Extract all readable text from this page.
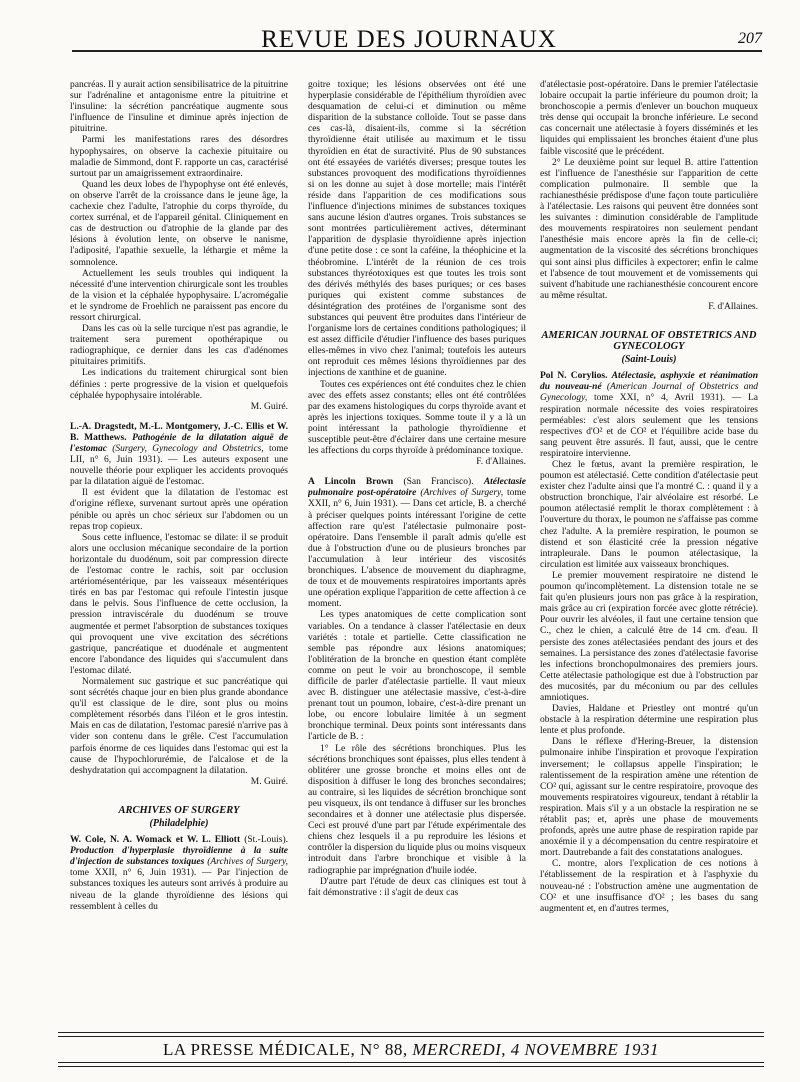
REVUE DES JOURNAUX	207

pancréas. Il y aurait action sensibilisatrice de la pituitrine sur l'adrénaline et antagonisme entre la pituitrine et l'insuline: la sécrétion pancréatique augmente sous l'influence de l'insuline et diminue après injection de pituitrine.

Parmi les manifestations rares des désordres hypophysaires, on observe la cachexie pituitaire ou maladie de Simmond, dont F. rapporte un cas, caractérisé surtout par un amaigrissement extraordinaire.

Quand les deux lobes de l'hypophyse ont été enlevés, on observe l'arrêt de la croissance dans le jeune âge, la cachexie chez l'adulte, l'atrophie du corps thyroïde, du cortex surrénal, et de l'appareil génital. Cliniquement en cas de destruction ou d'atrophie de la glande par des lésions à évolution lente, on observe le nanisme, l'adiposité, l'apathie sexuelle, la léthargie et même la somnolence.

Actuellement les seuls troubles qui indiquent la nécessité d'une intervention chirurgicale sont les troubles de la vision et la céphalée hypophysaire. L'acromégalie et le syndrome de Froehlich ne paraissent pas encore du ressort chirurgical.

Dans les cas où la selle turcique n'est pas agrandie, le traitement sera purement opothérapique ou radiographique, ce dernier dans les cas d'adénomes pituitaires primitifs.

Les indications du traitement chirurgical sont bien définies : perte progressive de la vision et quelquefois céphalée hypophysaire intolérable.

M. Guiré.

L.-A. Dragstedt, M.-L. Montgomery, J.-C. Ellis et W. B. Matthews. Pathogénie de la dilatation aiguë de l'estomac (Surgery, Gynecology and Obstetrics, tome LII, n° 6, Juin 1931). — Les auteurs exposent une nouvelle théorie pour expliquer les accidents provoqués par la dilatation aiguë de l'estomac.

Il est évident que la dilatation de l'estomac est d'origine réflexe, survenant surtout après une opération pénible ou après un choc sérieux sur l'abdomen ou un repas trop copieux.

Sous cette influence, l'estomac se dilate: il se produit alors une occlusion mécanique secondaire de la portion horizontale du duodénum, soit par compression directe de l'estomac contre le rachis, soit par occlusion artériomésentérique, par les vaisseaux mésentériques tirés en bas par l'estomac qui refoule l'intestin jusque dans le pelvis. Sous l'influence de cette occlusion, la pression intraviscérale du duodénum se trouve augmentée et permet l'absorption de substances toxiques qui provoquent une vive excitation des sécrétions gastrique, pancréatique et duodénale et augmentent encore l'abondance des liquides qui s'accumulent dans l'estomac dilaté.

Normalement suc gastrique et suc pancréatique qui sont sécrétés chaque jour en bien plus grande abondance qu'il est classique de le dire, sont plus ou moins complètement résorbés dans l'iléon et le gros intestin. Mais en cas de dilatation, l'estomac paresié n'arrive pas à vider son contenu dans le grêle. C'est l'accumulation parfois énorme de ces liquides dans l'estomac qui est la cause de l'hypochlorurémie, de l'alcalose et de la deshydratation qui accompagnent la dilatation.

M. Guiré.
ARCHIVES OF SURGERY
(Philadelphie)

W. Cole, N. A. Womack et W. L. Elliott (St.-Louis). Production d'hyperplasie thyroïdienne à la suite d'injection de substances toxiques (Archives of Surgery, tome XXII, n° 6, Juin 1931). — Par l'injection de substances toxiques les auteurs sont arrivés à produire au niveau de la glande thyroïdienne des lésions qui ressemblent à celles du

goitre toxique; les lésions observées ont été une hyperplasie considérable de l'épithélium thyroïdien avec desquamation de celui-ci et diminution ou même disparition de la substance colloïde. Tout se passe dans ces cas-là, disaient-ils, comme si la sécrétion thyroïdienne était utilisée au maximum et le tissu thyroïdien en état de suractivité. Plus de 90 substances ont été essayées de variétés diverses; presque toutes les substances provoquent des modifications thyroïdiennes si on les donne au sujet à dose mortelle; mais l'intérêt réside dans l'apparition de ces modifications sous l'influence d'injections minimes de substances toxiques sans aucune lésion d'autres organes. Trois substances se sont montrées particulièrement actives, déterminant l'apparition de dysplasie thyroïdienne après injection d'une petite dose : ce sont la caféine, la théophicine et la théobromine. L'intérêt de la réunion de ces trois substances thyréotoxiques est que toutes les trois sont des dérivés méthylés des bases puriques; or ces bases puriques qui existent comme substances de désintégration des protéines de l'organisme sont des substances qui peuvent être produites dans l'intérieur de l'organisme lors de certaines conditions pathologiques; il est assez difficile d'étudier l'influence des bases puriques elles-mêmes in vivo chez l'animal; toutefois les auteurs ont reproduit ces mêmes lésions thyroïdiennes par des injections de xanthine et de guanine.

Toutes ces expériences ont été conduites chez le chien avec des effets assez constants; elles ont été contrôlées par des examens histologiques du corps thyroïde avant et après les injections toxiques. Somme toute il y a là un point intéressant la pathologie thyroïdienne et susceptible peut-être d'éclairer dans une certaine mesure les affections du corps thyroïde à prédominance toxique.

F. d'Allaines.

A Lincoln Brown (San Francisco). Atélectasie pulmonaire post-opératoire (Archives of Surgery, tome XXII, n° 6, Juin 1931). — Dans cet article, B. a cherché à préciser quelques points intéressant l'origine de cette affection rare qu'est l'atélectasie pulmonaire post-opératoire. Dans l'ensemble il paraît admis qu'elle est due à l'obstruction d'une ou de plusieurs bronches par l'accumulation à leur intérieur des viscosités bronchiques. L'absence de mouvement du diaphragme, de toux et de mouvements respiratoires importants après une opération explique l'apparition de cette affection à ce moment.

Les types anatomiques de cette complication sont variables. On a tendance à classer l'atélectasie en deux variétés : totale et partielle. Cette classification ne semble pas répondre aux lésions anatomiques; l'oblitération de la bronche en question étant complète comme on peut le voir au bronchoscope, il semble difficile de parler d'atélectasie partielle. Il vaut mieux avec B. distinguer une atélectasie massive, c'est-à-dire prenant tout un poumon, lobaire, c'est-à-dire prenant un lobe, ou encore lobulaire limitée à un segment bronchique terminal. Deux points sont intéressants dans l'article de B. :

1° Le rôle des sécrétions bronchiques. Plus les sécrétions bronchiques sont épaisses, plus elles tendent à oblitérer une grosse bronche et moins elles ont de disposition à diffuser le long des bronches secondaires; au contraire, si les liquides de sécrétion bronchique sont peu visqueux, ils ont tendance à diffuser sur les bronches secondaires et à donner une atélectasie plus dispersée. Ceci est prouvé d'une part par l'étude expérimentale des chiens chez lesquels il a pu reproduire les lésions et contrôler la dispersion du liquide plus ou moins visqueux introduit dans l'arbre bronchique et visible à la radiographie par imprégnation d'huile iodée.

D'autre part l'étude de deux cas cliniques est tout à fait démonstrative : il s'agit de deux cas

d'atélectasie post-opératoire. Dans le premier l'atélectasie lobaire occupait la partie inférieure du poumon droit; la bronchoscopie a permis d'enlever un bouchon muqueux très dense qui occupait la bronche inférieure. Le second cas concernait une atélectasie à foyers disséminés et les liquides qui emplissaient les bronches étaient d'une plus faible viscosité que le précédent.

2° Le deuxième point sur lequel B. attire l'attention est l'influence de l'anesthésie sur l'apparition de cette complication pulmonaire. Il semble que la rachianesthésie prédispose d'une façon toute particulière à l'atélectasie. Les raisons qui peuvent être données sont les suivantes : diminution considérable de l'amplitude des mouvements respiratoires non seulement pendant l'anesthésie mais encore après la fin de celle-ci; augmentation de la viscosité des sécrétions bronchiques qui sont ainsi plus difficiles à expectorer; enfin le calme et l'absence de tout mouvement et de vomissements qui suivent d'habitude une rachianesthésie concourent encore au même résultat.

F. d'Allaines.
AMERICAN JOURNAL OF OBSTETRICS AND GYNECOLOGY
(Saint-Louis)

Pol N. Corylios. Atélectasie, asphyxie et réanimation du nouveau-né (American Journal of Obstetrics and Gynecology, tome XXI, n° 4, Avril 1931). — La respiration normale nécessite des voies respiratoires perméables: c'est alors seulement que les tensions respectives d'O² et de CO² et l'équilibre acide base du sang peuvent être assurés. Il faut, aussi, que le centre respiratoire intervienne.

Chez le fœtus, avant la première respiration, le poumon est atélectasié. Cette condition d'atélectasie peut exister chez l'adulte ainsi que l'a montré C. : quand il y a obstruction bronchique, l'air alvéolaire est résorbé. Le poumon atélectasié remplit le thorax complètement : à l'ouverture du thorax, le poumon ne s'affaisse pas comme chez l'adulte. A la première respiration, le poumon se distend et son élasticité crée la pression négative intrapleurale. Dans le poumon atélectasique, la circulation est limitée aux vaisseaux bronchiques.

Le premier mouvement respiratoire ne distend le poumon qu'incomplètement. La distension totale ne se fait qu'en plusieurs jours non pas grâce à la respiration, mais grâce au cri (expiration forcée avec glotte rétrécie). Pour ouvrir les alvéoles, il faut une certaine tension que C., chez le chien, a calculé être de 14 cm. d'eau. Il persiste des zones atélectasiées pendant des jours et des semaines. La persistance des zones d'atélectasie favorise les infections bronchopulmonaires des premiers jours. Cette atélectasie pathologique est due à l'obstruction par des mucosités, par du méconium ou par des cellules amniotiques.

Davies, Haldane et Priestley ont montré qu'un obstacle à la respiration détermine une respiration plus lente et plus profonde.

Dans le réflexe d'Hering-Breuer, la distension pulmonaire inhibe l'inspiration et provoque l'expiration inversement; le collapsus appelle l'inspiration; le ralentissement de la respiration amène une rétention de CO² qui, agissant sur le centre respiratoire, provoque des mouvements respiratoires vigoureux, tendant à rétablir la respiration. Mais s'il y a un obstacle la respiration ne se rétablit pas; et, après une phase de mouvements profonds, après une autre phase de respiration rapide par anoxémie il y a décompensation du centre respiratoire et mort. Dautrebande a fait des constatations analogues.

C. montre, alors l'explication de ces notions à l'établissement de la respiration et à l'asphyxie du nouveau-né : l'obstruction amène une augmentation de CO² et une insuffisance d'O² ; les bases du sang augmentent et, en d'autres termes,

LA PRESSE MÉDICALE, N° 88, MERCREDI, 4 NOVEMBRE 1931
